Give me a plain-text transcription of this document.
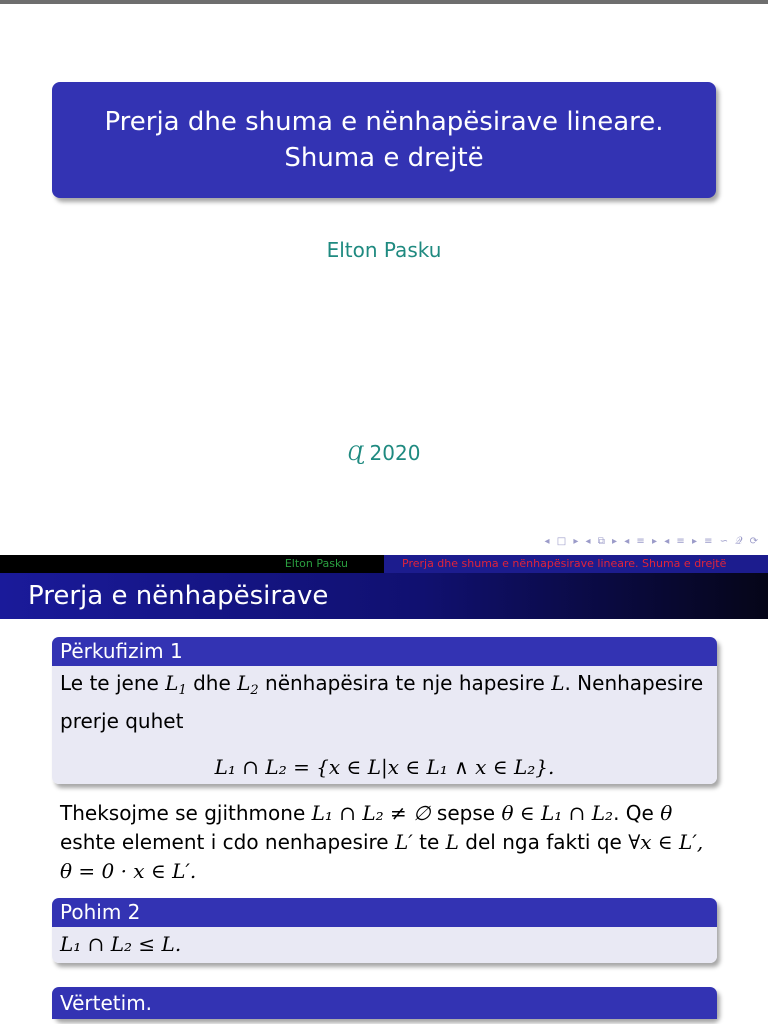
Prerja dhe shuma e nënhapësirave lineare. Shuma e drejtë
Elton Pasku
Ɋ 2020
◂ □ ▸ ◂ ⧉ ▸ ◂ ≡ ▸ ◂ ≡ ▸ ≡ ∽ 𝒬 ⟳
Elton Pasku	Prerja dhe shuma e nënhapësirave lineare. Shuma e drejtë
Prerja e nënhapësirave
Përkufizim 1
Le te jene $L_1$ dhe $L_2$ nënhapësira te nje hapesire L. Nenhapesire prerje quhet
L₁ ∩ L₂ = {x ∈ L|x ∈ L₁ ∧ x ∈ L₂}.
Theksojme se gjithmone L₁ ∩ L₂ ≠ ∅ sepse θ ∈ L₁ ∩ L₂. Qe θ eshte element i cdo nenhapesire L′ te L del nga fakti qe ∀x ∈ L′,
θ = 0 · x ∈ L′.
Pohim 2
L₁ ∩ L₂ ≤ L.
Vërtetim.
